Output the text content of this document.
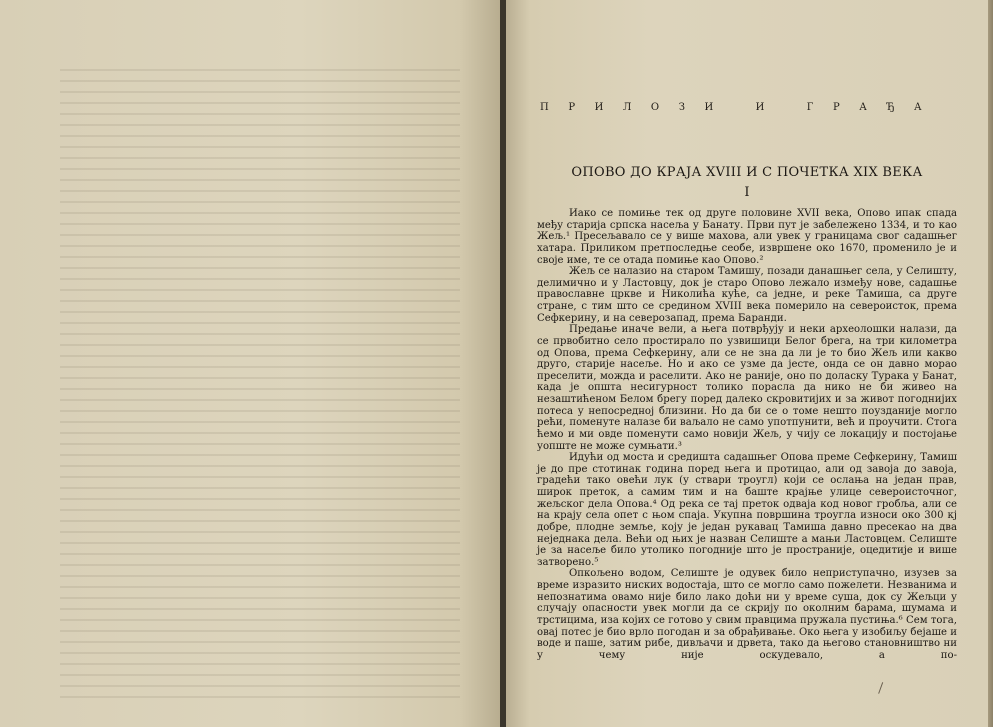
ПРИЛОЗИ И ГРАЂА
ОПОВО ДО КРАЈА XVIII И С ПОЧЕТКА XIX ВЕКА
I

Иако се помиње тек од друге половине XVII века, Опово ипак спада међу старија српска насеља у Банату. Први пут је забележено 1334, и то као Жељ.¹ Пресељавало се у више махова, али увек у границама свог садашњег хатара. Приликом претпоследње сеобе, извршене око 1670, променило је и своје име, те се отада помиње као Опово.²

Жељ се налазио на старом Тамишу, позади данашњег села, у Селишту, делимично и у Ластовцу, док је старо Опово лежало између нове, садашње православне цркве и Николића куће, са једне, и реке Тамиша, са друге стране, с тим што се средином XVIII века померило на североисток, према Сефкерину, и на северозапад, према Баранди.

Предање иначе вели, а њега потврђују и неки археолошки налази, да се првобитно село простирало по узвишици Белог брега, на три километра од Опова, према Сефкерину, али се не зна да ли је то био Жељ или какво друго, старије насеље. Но и ако се узме да јесте, онда се он давно морао преселити, можда и раселити. Ако не раније, оно по доласку Турака у Банат, када је општа несигурност толико порасла да нико не би живео на незаштићеном Белом брегу поред далеко скровитијих и за живот погоднијих потеса у непосредној близини. Но да би се о томе нешто поузданије могло рећи, поменуте налазе би ваљало не само употпунити, већ и проучити. Стога ћемо и ми овде поменути само новији Жељ, у чију се локацију и постојање уопште не може сумњати.³

Идући од моста и средишта садашњег Опова преме Сефкерину, Тамиш је до пре стотинак година поред њега и протицао, али од завоја до завоја, градећи тако овећи лук (у ствари троугл) који се ослања на један прав, широк преток, а самим тим и на баште крајње улице североисточног, жељског дела Опова.⁴ Од река се тај преток одваја код новог гробља, али се на крају села опет с њом спаја. Укупна површина троугла износи око 300 кј добре, плодне земље, коју је један рукавац Тамиша давно пресекао на два неједнака дела. Већи од њих је назван Селиште а мањи Ластовцем. Селиште је за насеље било утолико погодније што је пространије, оцедитије и више затворено.⁵

Опкољено водом, Селиште је одувек било неприступачно, изузев за време изразито ниских водостаја, што се могло само пожелети. Незванима и непознатима овамо није било лако доћи ни у време суша, док су Жељци у случају опасности увек могли да се скрију по околним барама, шумама и трстицима, иза којих се готово у свим правцима пружала пустиња.⁶ Сем тога, овај потес је био врло погодан и за обрађивање. Око њега у изобиљу бејаше и воде и паше, затим рибе, дивљачи и дрвета, тако да његово становништво ни у чему није оскудевало, а по-
